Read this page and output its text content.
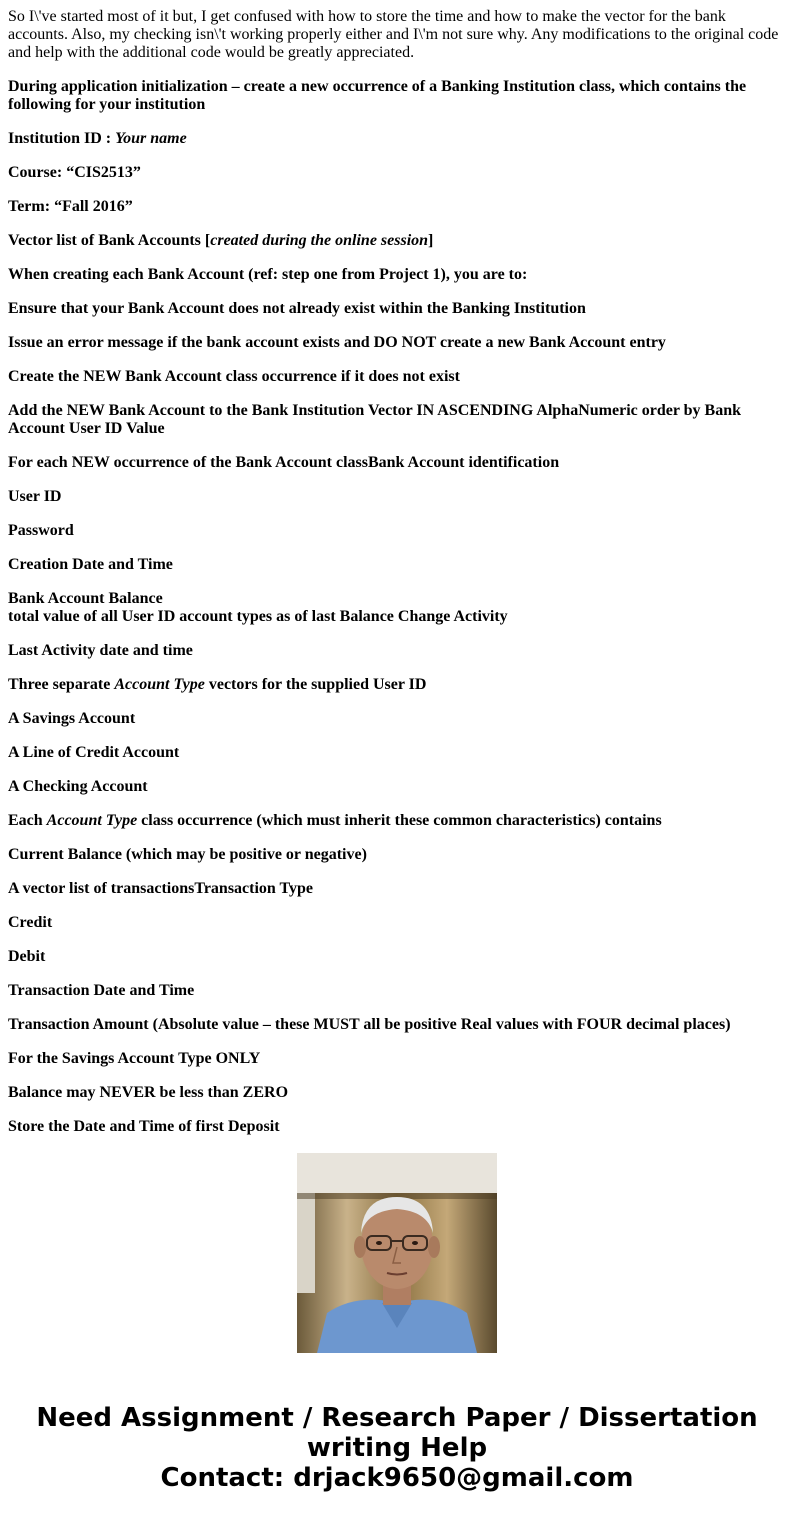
So I\'ve started most of it but, I get confused with how to store the time and how to make the vector for the bank accounts. Also, my checking isn\'t working properly either and I\'m not sure why. Any modifications to the original code and help with the additional code would be greatly appreciated.

During application initialization – create a new occurrence of a Banking Institution class, which contains the following for your institution

Institution ID : Your name

Course: “CIS2513”

Term: “Fall 2016”

Vector list of Bank Accounts [created during the online session]

When creating each Bank Account (ref: step one from Project 1), you are to:

Ensure that your Bank Account does not already exist within the Banking Institution

Issue an error message if the bank account exists and DO NOT create a new Bank Account entry

Create the NEW Bank Account class occurrence if it does not exist

Add the NEW Bank Account to the Bank Institution Vector IN ASCENDING AlphaNumeric order by Bank Account User ID Value

For each NEW occurrence of the Bank Account classBank Account identification

User ID

Password

Creation Date and Time

Bank Account Balance
total value of all User ID account types as of last Balance Change Activity

Last Activity date and time

Three separate Account Type vectors for the supplied User ID

A Savings Account

A Line of Credit Account

A Checking Account

Each Account Type class occurrence (which must inherit these common characteristics) contains

Current Balance (which may be positive or negative)

A vector list of transactionsTransaction Type

Credit

Debit

Transaction Date and Time

Transaction Amount (Absolute value – these MUST all be positive Real values with FOUR decimal places)

For the Savings Account Type ONLY

Balance may NEVER be less than ZERO

Store the Date and Time of first Deposit

Need Assignment / Research Paper / Dissertation
writing Help
Contact: drjack9650@gmail.com
